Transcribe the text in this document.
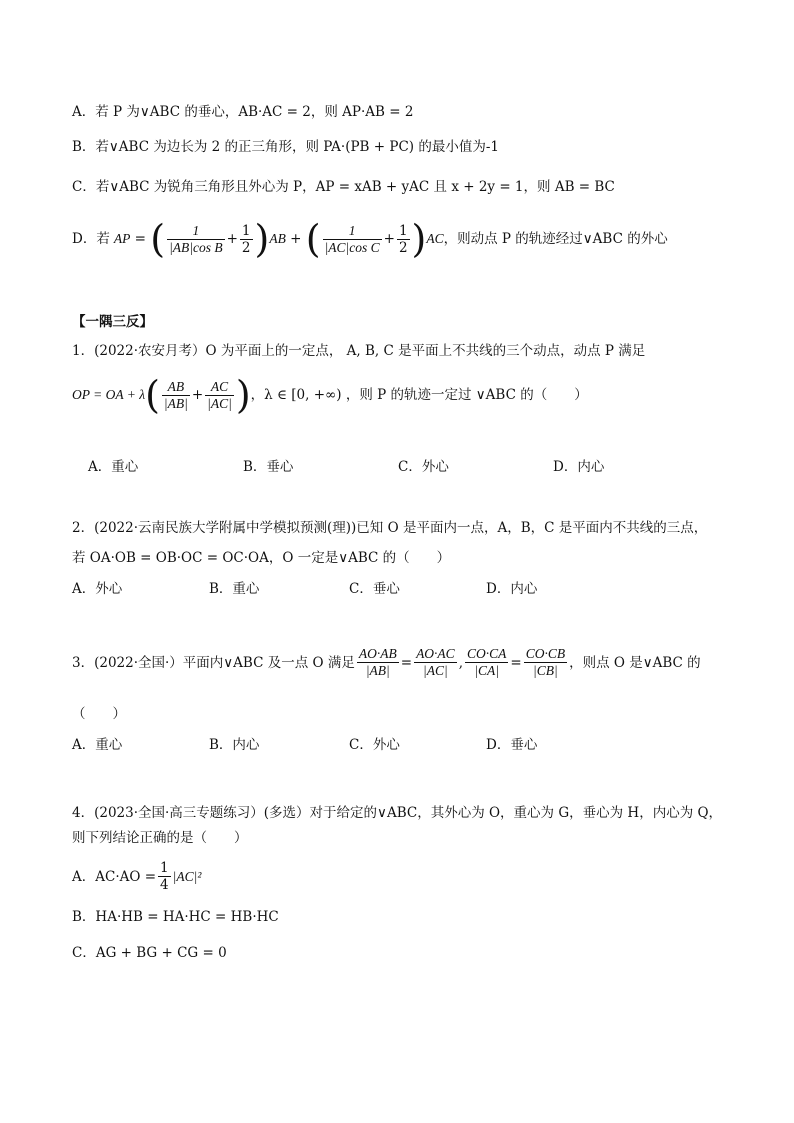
A．若 P 为∨ABC 的垂心，AB·AC = 2，则 AP·AB = 2
B．若∨ABC 为边长为 2 的正三角形，则 PA·(PB + PC) 的最小值为-1
C．若∨ABC 为锐角三角形且外心为 P，AP = xAB + yAC 且 x + 2y = 1，则 AB = BC
D．若 AP = ( $\frac{1}{\text{|AB|cos B}} + \frac{1}{2}$ ) AB + ( $\frac{1}{\text{|AC|cos C}} + \frac{1}{2}$ ) AC ，则动点 P 的轨迹经过∨ABC 的外心
【一隅三反】
1．(2022·农安月考）O 为平面上的一定点， A, B, C 是平面上不共线的三个动点，动点 P 满足
OP = OA + λ ( $\frac{AB}{|AB|} + \frac{AC}{|AC|}$ ) ，λ ∈ [0, +∞) ，则 P 的轨迹一定过 ∨ABC 的（　　）
A．重心	B．垂心	C．外心	D．内心
2．(2022·云南民族大学附属中学模拟预测(理))已知 O 是平面内一点，A，B，C 是平面内不共线的三点，
若 OA·OB = OB·OC = OC·OA，O 一定是∨ABC 的（　　）
A．外心	B．重心	C．垂心	D．内心
3．(2022·全国·）平面内∨ABC 及一点 O 满足 $\frac{AO\cdot AB}{|AB|} = \frac{AO\cdot AC}{|AC|}$ , $\frac{CO\cdot CA}{|CA|} = \frac{CO\cdot CB}{|CB|}$ ，则点 O 是∨ABC 的
（　　）
A．重心	B．内心	C．外心	D．垂心
4．(2023·全国·高三专题练习）(多选）对于给定的∨ABC，其外心为 O，重心为 G，垂心为 H，内心为 Q，
则下列结论正确的是（　　）
A．$AC\cdot AO = \frac{1}{4} |AC|^2$
B．HA·HB = HA·HC = HB·HC
C．AG + BG + CG = 0
